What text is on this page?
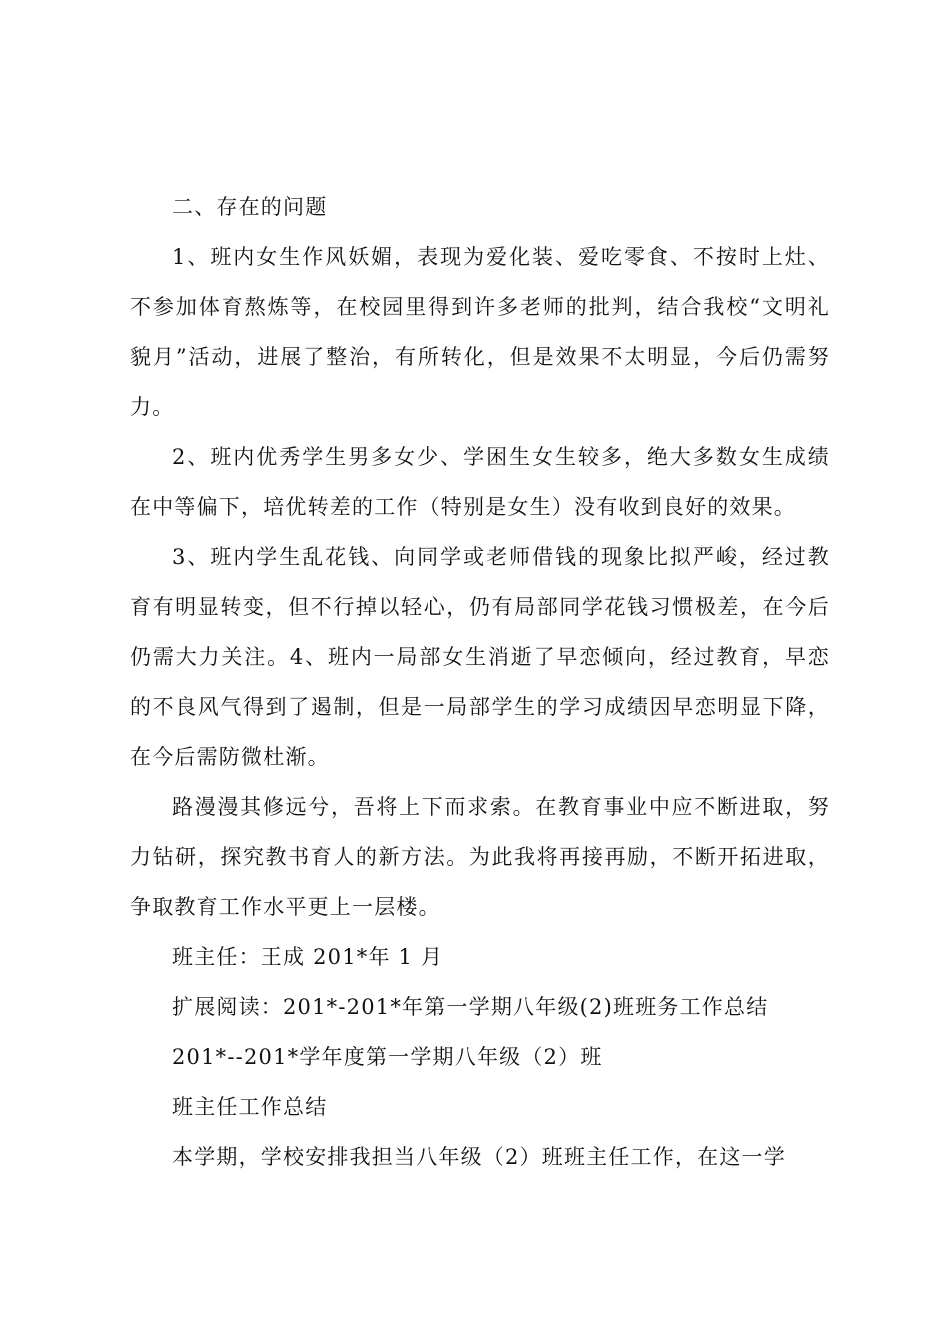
二、存在的问题

1、班内女生作风妖媚，表现为爱化装、爱吃零食、不按时上灶、不参加体育熬炼等，在校园里得到许多老师的批判，结合我校“文明礼貌月”活动，进展了整治，有所转化，但是效果不太明显，今后仍需努力。

2、班内优秀学生男多女少、学困生女生较多，绝大多数女生成绩在中等偏下，培优转差的工作（特别是女生）没有收到良好的效果。

3、班内学生乱花钱、向同学或老师借钱的现象比拟严峻，经过教育有明显转变，但不行掉以轻心，仍有局部同学花钱习惯极差，在今后仍需大力关注。4、班内一局部女生消逝了早恋倾向，经过教育，早恋的不良风气得到了遏制，但是一局部学生的学习成绩因早恋明显下降，在今后需防微杜渐。

路漫漫其修远兮，吾将上下而求索。在教育事业中应不断进取，努力钻研，探究教书育人的新方法。为此我将再接再励，不断开拓进取，争取教育工作水平更上一层楼。

班主任：王成 201*年 1 月

扩展阅读：201*-201*年第一学期八年级(2)班班务工作总结

201*--201*学年度第一学期八年级（2）班

班主任工作总结

本学期，学校安排我担当八年级（2）班班主任工作，在这一学
